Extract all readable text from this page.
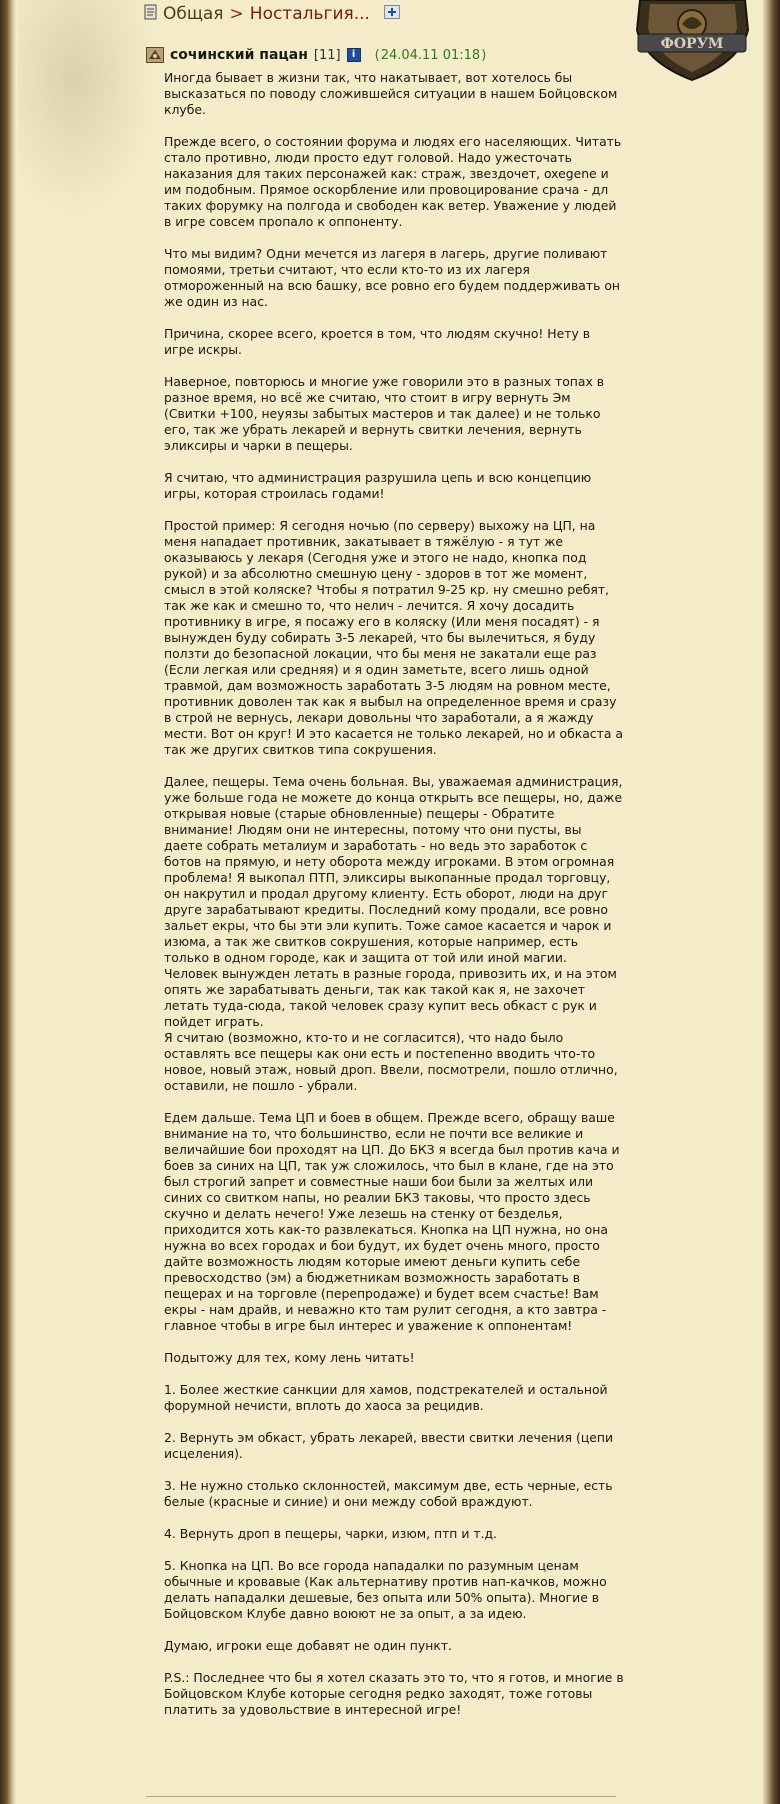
Общая > Ностальгия...
ФОРУМ
сочинский пацан [11]	i	( 24.04.11 01:18 )
Иногда бывает в жизни так, что накатывает, вот хотелось бы высказаться по поводу сложившейся ситуации в нашем Бойцовском клубе.
Прежде всего, о состоянии форума и людях его населяющих. Читать стало противно, люди просто едут головой. Надо ужесточать наказания для таких персонажей как: страж, звездочет, oxegene и им подобным. Прямое оскорбление или провоцирование срача - дл таких форумку на полгода и свободен как ветер. Уважение у людей в игре совсем пропало к оппоненту.
Что мы видим? Одни мечется из лагеря в лагерь, другие поливают помоями, третьи считают, что если кто-то из их лагеря отмороженный на всю башку, все ровно его будем поддерживать он же один из нас.
Причина, скорее всего, кроется в том, что людям скучно! Нету в игре искры.
Наверное, повторюсь и многие уже говорили это в разных топах в разное время, но всё же считаю, что стоит в игру вернуть Эм (Свитки +100, неуязы забытых мастеров и так далее) и не только его, так же убрать лекарей и вернуть свитки лечения, вернуть эликсиры и чарки в пещеры.
Я считаю, что администрация разрушила цепь и всю концепцию игры, которая строилась годами!
Простой пример: Я сегодня ночью (по серверу) выхожу на ЦП, на меня нападает противник, закатывает в тяжёлую - я тут же оказываюсь у лекаря (Сегодня уже и этого не надо, кнопка под рукой) и за абсолютно смешную цену - здоров в тот же момент, смысл в этой коляске? Чтобы я потратил 9-25 кр. ну смешно ребят, так же как и смешно то, что нелич - лечится. Я хочу досадить противнику в игре, я посажу его в коляску (Или меня посадят) - я вынужден буду собирать 3-5 лекарей, что бы вылечиться, я буду ползти до безопасной локации, что бы меня не закатали еще раз (Если легкая или средняя) и я один заметьте, всего лишь одной травмой, дам возможность заработать 3-5 людям на ровном месте, противник доволен так как я выбыл на определенное время и сразу в строй не вернусь, лекари довольны что заработали, а я жажду мести. Вот он круг! И это касается не только лекарей, но и обкаста а так же других свитков типа сокрушения.
Далее, пещеры. Тема очень больная. Вы, уважаемая администрация, уже больше года не можете до конца открыть все пещеры, но, даже открывая новые (старые обновленные) пещеры - Обратите внимание! Людям они не интересны, потому что они пусты, вы даете собрать металиум и заработать - но ведь это заработок с ботов на прямую, и нету оборота между игроками. В этом огромная проблема! Я выкопал ПТП, эликсиры выкопанные продал торговцу, он накрутил и продал другому клиенту. Есть оборот, люди на друг друге зарабатывают кредиты. Последний кому продали, все ровно зальет екры, что бы эти эли купить. Тоже самое касается и чарок и изюма, а так же свитков сокрушения, которые например, есть только в одном городе, как и защита от той или иной магии. Человек вынужден летать в разные города, привозить их, и на этом опять же зарабатывать деньги, так как такой как я, не захочет летать туда-сюда, такой человек сразу купит весь обкаст с рук и пойдет играть.
Я считаю (возможно, кто-то и не согласится), что надо было оставлять все пещеры как они есть и постепенно вводить что-то новое, новый этаж, новый дроп. Ввели, посмотрели, пошло отлично, оставили, не пошло - убрали.
Едем дальше. Тема ЦП и боев в общем. Прежде всего, обращу ваше внимание на то, что большинство, если не почти все великие и величайшие бои проходят на ЦП. До БКЗ я всегда был против кача и боев за синих на ЦП, так уж сложилось, что был в клане, где на это был строгий запрет и совместные наши бои были за желтых или синих со свитком напы, но реалии БКЗ таковы, что просто здесь скучно и делать нечего! Уже лезешь на стенку от безделья, приходится хоть как-то развлекаться. Кнопка на ЦП нужна, но она нужна во всех городах и бои будут, их будет очень много, просто дайте возможность людям которые имеют деньги купить себе превосходство (эм) а бюджетникам возможность заработать в пещерах и на торговле (перепродаже) и будет всем счастье! Вам екры - нам драйв, и неважно кто там рулит сегодня, а кто завтра - главное чтобы в игре был интерес и уважение к оппонентам!
Подытожу для тех, кому лень читать!
1. Более жесткие санкции для хамов, подстрекателей и остальной форумной нечисти, вплоть до хаоса за рецидив.
2. Вернуть эм обкаст, убрать лекарей, ввести свитки лечения (цепи исцеления).
3. Не нужно столько склонностей, максимум две, есть черные, есть белые (красные и синие) и они между собой враждуют.
4. Вернуть дроп в пещеры, чарки, изюм, птп и т.д.
5. Кнопка на ЦП. Во все города нападалки по разумным ценам обычные и кровавые (Как альтернативу против нап-качков, можно делать нападалки дешевые, без опыта или 50% опыта). Многие в Бойцовском Клубе давно воюют не за опыт, а за идею.
Думаю, игроки еще добавят не один пункт.
P.S.: Последнее что бы я хотел сказать это то, что я готов, и многие в Бойцовском Клубе которые сегодня редко заходят, тоже готовы платить за удовольствие в интересной игре!
